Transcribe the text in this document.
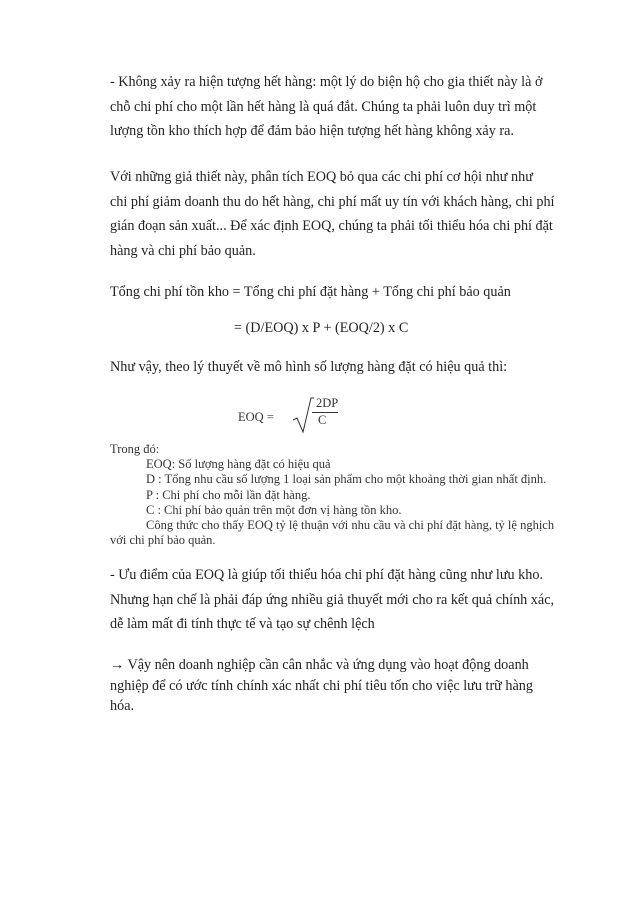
- Không xảy ra hiện tượng hết hàng: một lý do biện hộ cho gia thiết này là ở
chỗ chi phí cho một lần hết hàng là quá đắt. Chúng ta phải luôn duy trì một
lượng tồn kho thích hợp để đảm bảo hiện tượng hết hàng không xảy ra.
Với những giả thiết này, phân tích EOQ bỏ qua các chi phí cơ hội như như
chi phí giảm doanh thu do hết hàng, chi phí mất uy tín với khách hàng, chi phí
gián đoạn sản xuất... Để xác định EOQ, chúng ta phải tối thiểu hóa chi phí đặt
hàng và chi phí bảo quản.
Tổng chi phí tồn kho = Tổng chi phí đặt hàng + Tổng chi phí bảo quản
= (D/EOQ) x P + (EOQ/2) x C
Như vậy, theo lý thuyết về mô hình số lượng hàng đặt có hiệu quả thì:
EOQ =
2DP
C
Trong đó:
EOQ: Số lượng hàng đặt có hiệu quả
D : Tổng nhu cầu số lượng 1 loại sản phẩm cho một khoảng thời gian nhất định.
P : Chi phí cho mỗi lần đặt hàng.
C : Chi phí bảo quản trên một đơn vị hàng tồn kho.
Công thức cho thấy EOQ tỷ lệ thuận với nhu cầu và chi phí đặt hàng, tỷ lệ nghịch
với chi phí bảo quản.
- Ưu điểm của EOQ là giúp tối thiểu hóa chi phí đặt hàng cũng như lưu kho.
Nhưng hạn chế là phải đáp ứng nhiều giả thuyết mới cho ra kết quả chính xác,
dễ làm mất đi tính thực tế và tạo sự chênh lệch
→ Vậy nên doanh nghiệp cần cân nhắc và ứng dụng vào hoạt động doanh
nghiệp để có ước tính chính xác nhất chi phí tiêu tốn cho việc lưu trữ hàng
hóa.
